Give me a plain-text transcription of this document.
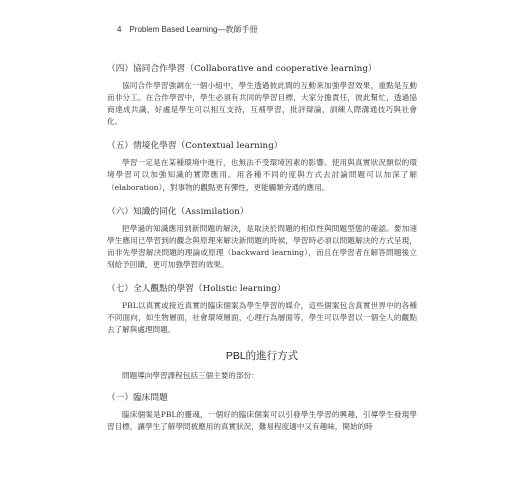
4 Problem Based Learning—教師手冊
（四）協同合作學習（Collaborative and cooperative learning）

協同合作學習強調在一個小組中，學生透過彼此間的互動來加強學習效果，重點是互動而非分工。在合作學習中，學生必須有共同的學習目標，大家分擔責任，彼此幫忙，透過協商達成共識，好處是學生可以相互支持，互補學習，批評辯論，訓練人際溝通技巧與社會化。

（五）情境化學習（Contextual learning）

學習一定是在某種環境中進行，也無法不受環境因素的影響。使用與真實狀況類似的環境學習可以加強知識的實際應用。用各種不同的度與方式去討論問題可以加深了解（elaboration），對事物的觀點更有彈性，更能觸類旁通的應用。

（六）知識的同化（Assimilation）

把學過的知識應用到新問題的解決，是取決於問題的相似性與問題型態的確認。要加速學生應用已學習到的觀念與原理來解決新問題的時候，學習時必須以問題解決的方式呈現，而非先學習解決問題的理論或原理（backward learning），而且在學習者在解答問題後立刻給予回饋，更可加強學習的效果。

（七）全人觀點的學習（Holistic learning）

PBL以真實或接近真實的臨床個案為學生學習的媒介，這些個案包含真實世界中的各種不同面向，如生物層面，社會環境層面，心理行為層面等，學生可以學習以一個全人的觀點去了解與處理問題。

PBL的進行方式

問題導向學習課程包括三個主要的部份：

（一）臨床問題

臨床個案是PBL的靈魂，一個好的臨床個案可以引發學生學習的興趣，引導學生發現學習目標，讓學生了解學問被應用的真實狀況，難易程度適中又有趣味，開始的時
